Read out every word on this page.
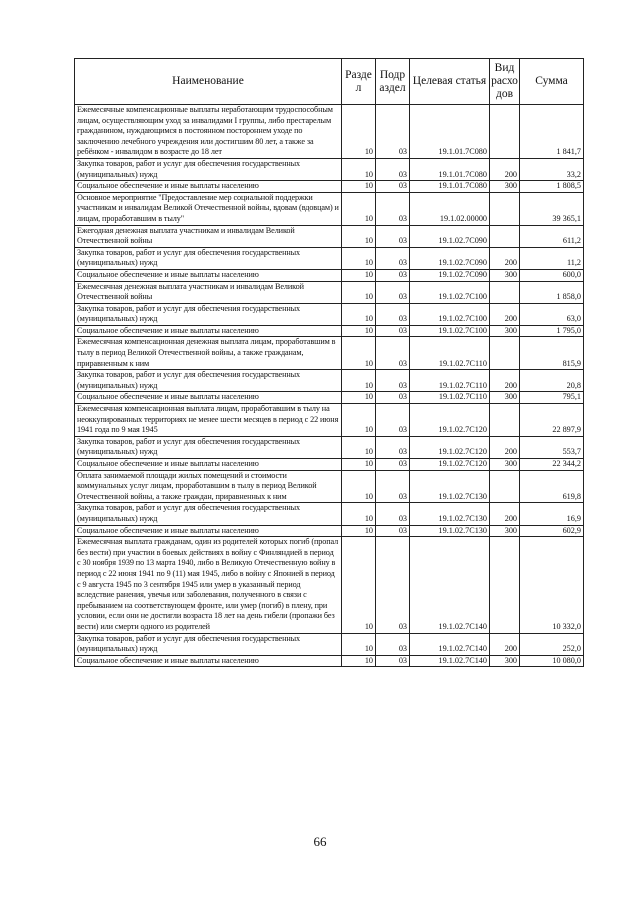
Наименование	Разде л	Подр аздел	Целевая статья	Вид расхо дов	Сумма
Ежемесячные компенсационные выплаты неработающим трудоспособным лицам, осуществляющим уход за инвалидами I группы, либо престарелым гражданином, нуждающимся в постоянном постороннем уходе по заключению лечебного учреждения или достигшим 80 лет, а также за ребёнком - инвалидом в возрасте до 18 лет	10	03	19.1.01.7С080		1 841,7
Закупка товаров, работ и услуг для обеспечения государственных (муниципальных) нужд	10	03	19.1.01.7С080	200	33,2
Социальное обеспечение и иные выплаты населению	10	03	19.1.01.7С080	300	1 808,5
Основное мероприятие "Предоставление мер социальной поддержки участникам и инвалидам Великой Отечественной войны, вдовам (вдовцам) и лицам, проработавшим в тылу"	10	03	19.1.02.00000		39 365,1
Ежегодная денежная выплата участникам и инвалидам Великой Отечественной войны	10	03	19.1.02.7С090		611,2
Закупка товаров, работ и услуг для обеспечения государственных (муниципальных) нужд	10	03	19.1.02.7С090	200	11,2
Социальное обеспечение и иные выплаты населению	10	03	19.1.02.7С090	300	600,0
Ежемесячная денежная выплата участникам и инвалидам Великой Отечественной войны	10	03	19.1.02.7С100		1 858,0
Закупка товаров, работ и услуг для обеспечения государственных (муниципальных) нужд	10	03	19.1.02.7С100	200	63,0
Социальное обеспечение и иные выплаты населению	10	03	19.1.02.7С100	300	1 795,0
Ежемесячная компенсационная денежная выплата лицам, проработавшим в тылу в период Великой Отечественной войны, а также гражданам, приравненным к ним	10	03	19.1.02.7С110		815,9
Закупка товаров, работ и услуг для обеспечения государственных (муниципальных) нужд	10	03	19.1.02.7С110	200	20,8
Социальное обеспечение и иные выплаты населению	10	03	19.1.02.7С110	300	795,1
Ежемесячная компенсационная выплата лицам, проработавшим в тылу на неоккупированных территориях не менее шести месяцев в период с 22 июня 1941 года по 9 мая 1945	10	03	19.1.02.7С120		22 897,9
Закупка товаров, работ и услуг для обеспечения государственных (муниципальных) нужд	10	03	19.1.02.7С120	200	553,7
Социальное обеспечение и иные выплаты населению	10	03	19.1.02.7С120	300	22 344,2
Оплата занимаемой площади жилых помещений и стоимости коммунальных услуг лицам, проработавшим в тылу в период Великой Отечественной войны, а также граждан, приравненных к ним	10	03	19.1.02.7С130		619,8
Закупка товаров, работ и услуг для обеспечения государственных (муниципальных) нужд	10	03	19.1.02.7С130	200	16,9
Социальное обеспечение и иные выплаты населению	10	03	19.1.02.7С130	300	602,9
Ежемесячная выплата гражданам, один из родителей которых погиб (пропал без вести) при участии в боевых действиях в войну с Финляндией в период с 30 ноября 1939 по 13 марта 1940, либо в Великую Отечественную войну в период с 22 июня 1941 по 9 (11) мая 1945, либо в войну с Японией в период с 9 августа 1945 по 3 сентября 1945 или умер в указанный период вследствие ранения, увечья или заболевания, полученного в связи с пребыванием на соответствующем фронте, или умер (погиб) в плену, при условии, если они не достигли возраста 18 лет на день гибели (пропажи без вести) или смерти одного из родителей	10	03	19.1.02.7С140		10 332,0
Закупка товаров, работ и услуг для обеспечения государственных (муниципальных) нужд	10	03	19.1.02.7С140	200	252,0
Социальное обеспечение и иные выплаты населению	10	03	19.1.02.7С140	300	10 080,0
66
